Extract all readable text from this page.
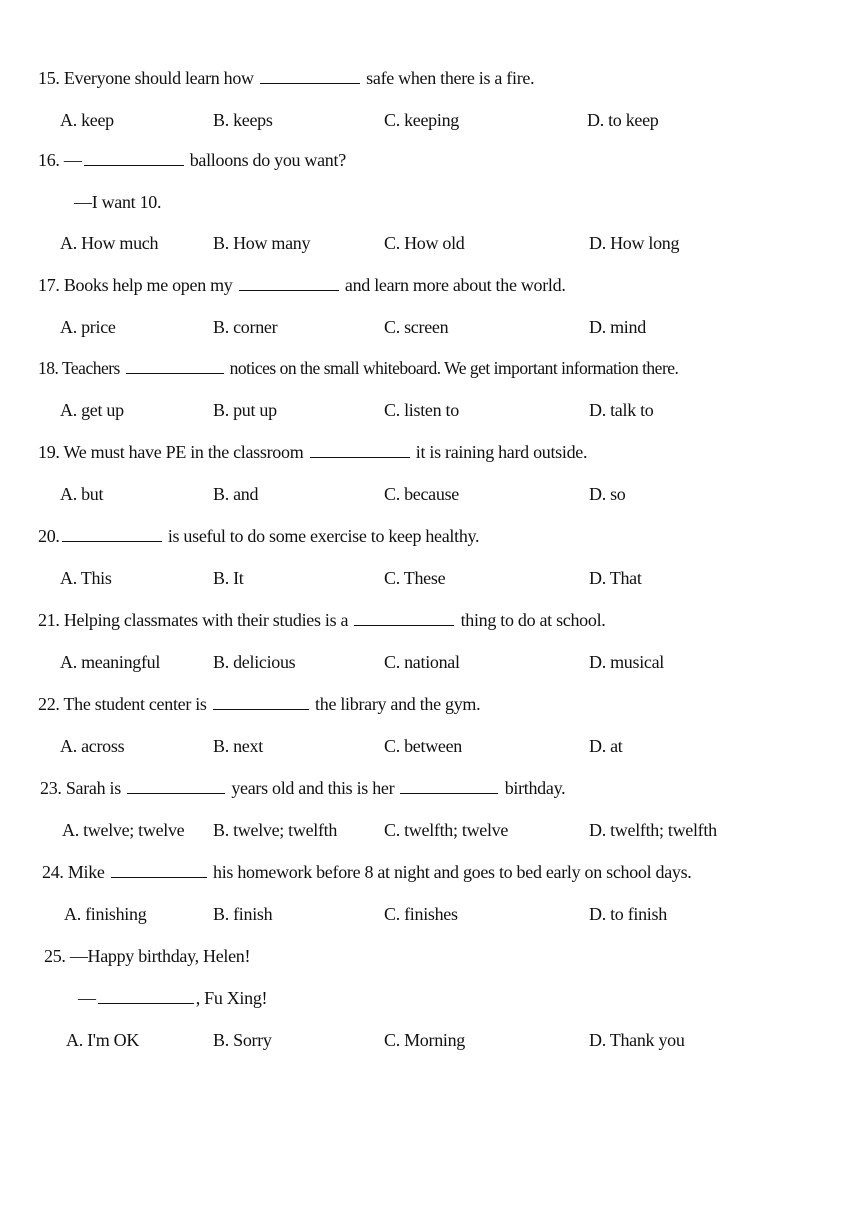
15. Everyone should learn how	safe when there is a fire.
A. keep	B. keeps	C. keeping	D. to keep
16. —	balloons do you want?
—I want 10.
A. How much	B. How many	C. How old	D. How long
17. Books help me open my	and learn more about the world.
A. price	B. corner	C. screen	D. mind
18. Teachers	notices on the small whiteboard. We get important information there.
A. get up	B. put up	C. listen to	D. talk to
19. We must have PE in the classroom	it is raining hard outside.
A. but	B. and	C. because	D. so
20.	is useful to do some exercise to keep healthy.
A. This	B. It	C. These	D. That
21. Helping classmates with their studies is a	thing to do at school.
A. meaningful	B. delicious	C. national	D. musical
22. The student center is	the library and the gym.
A. across	B. next	C. between	D. at
23. Sarah is	years old and this is her	birthday.
A. twelve; twelve B. twelve; twelfth	C. twelfth; twelve	D. twelfth; twelfth
24. Mike	his homework before 8 at night and goes to bed early on school days.
A. finishing	B. finish	C. finishes	D. to finish
25. —Happy birthday, Helen!
—	, Fu Xing!
A. I'm OK	B. Sorry	C. Morning	D. Thank you
